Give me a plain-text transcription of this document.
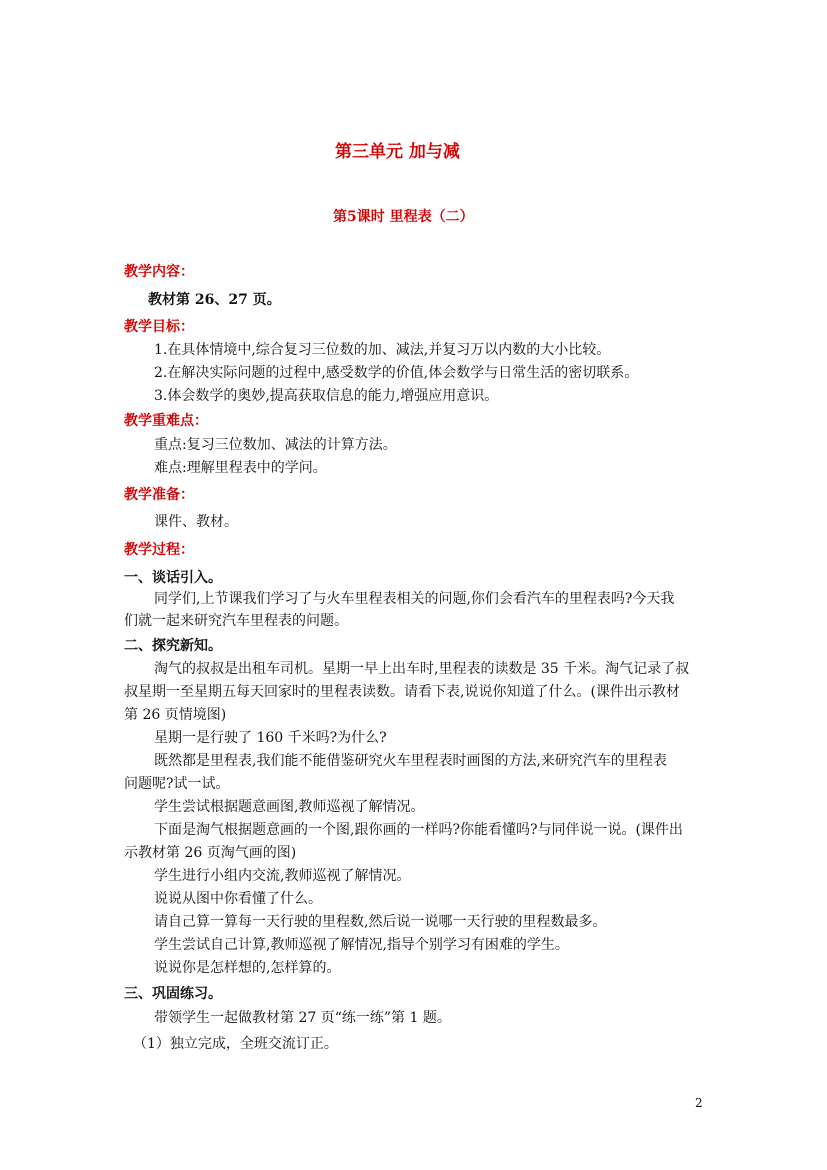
第三单元 加与减
第5课时 里程表（二）
教学内容：
教材第 26、27 页。
教学目标：
1.在具体情境中,综合复习三位数的加、减法,并复习万以内数的大小比较。
2.在解决实际问题的过程中,感受数学的价值,体会数学与日常生活的密切联系。
3.体会数学的奥妙,提高获取信息的能力,增强应用意识。
教学重难点：
重点:复习三位数加、减法的计算方法。
难点:理解里程表中的学问。
教学准备：
课件、教材。
教学过程：
一、谈话引入。
同学们,上节课我们学习了与火车里程表相关的问题,你们会看汽车的里程表吗?今天我
们就一起来研究汽车里程表的问题。
二、探究新知。
淘气的叔叔是出租车司机。星期一早上出车时,里程表的读数是 35 千米。淘气记录了叔
叔星期一至星期五每天回家时的里程表读数。请看下表,说说你知道了什么。(课件出示教材
第 26 页情境图)
星期一是行驶了 160 千米吗?为什么?
既然都是里程表,我们能不能借鉴研究火车里程表时画图的方法,来研究汽车的里程表
问题呢?试一试。
学生尝试根据题意画图,教师巡视了解情况。
下面是淘气根据题意画的一个图,跟你画的一样吗?你能看懂吗?与同伴说一说。(课件出
示教材第 26 页淘气画的图)
学生进行小组内交流,教师巡视了解情况。
说说从图中你看懂了什么。
请自己算一算每一天行驶的里程数,然后说一说哪一天行驶的里程数最多。
学生尝试自己计算,教师巡视了解情况,指导个别学习有困难的学生。
说说你是怎样想的,怎样算的。
三、巩固练习。
带领学生一起做教材第 27 页“练一练”第 1 题。
（1）独立完成，全班交流订正。
2
